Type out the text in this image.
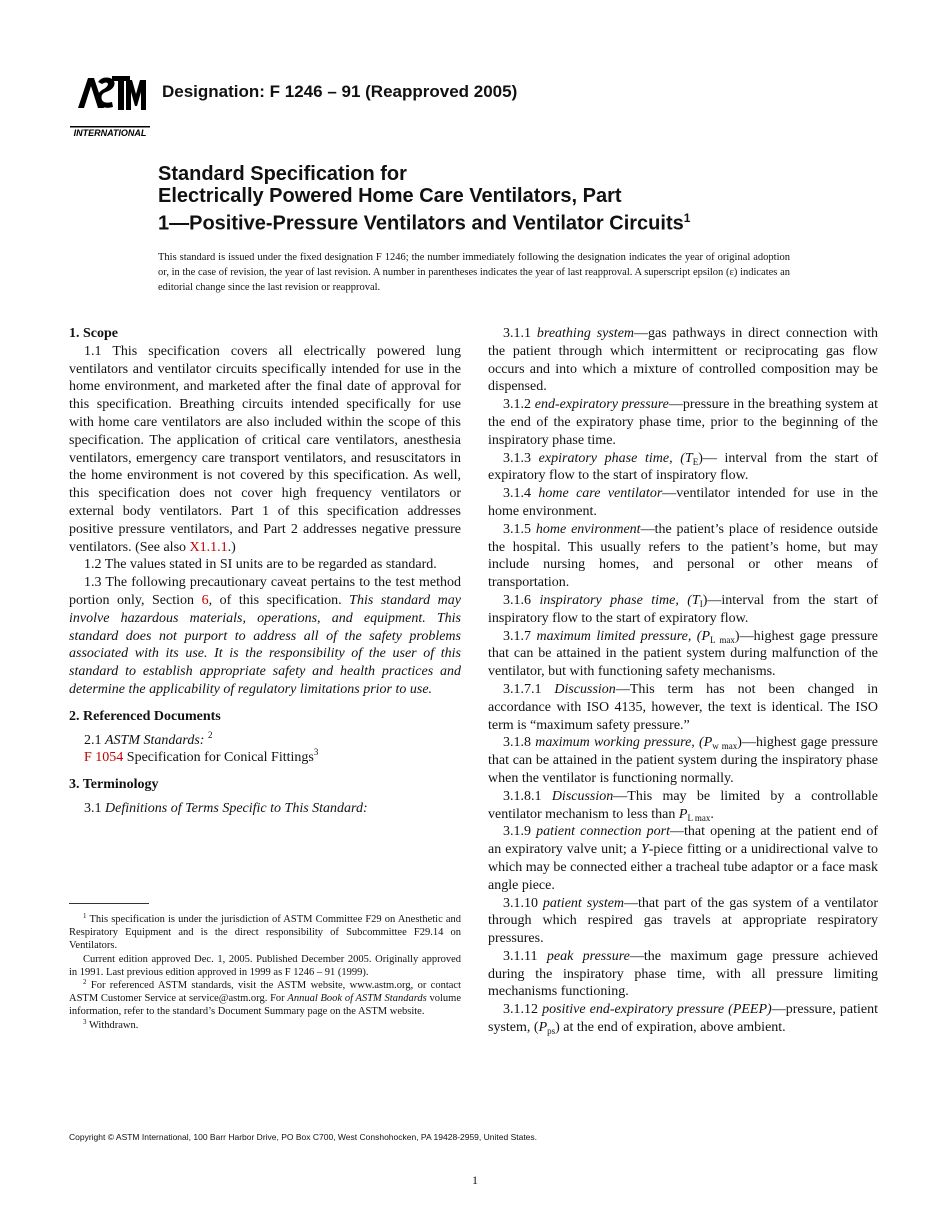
INTERNATIONAL
Designation: F 1246 – 91 (Reapproved 2005)
Standard Specification for
Electrically Powered Home Care Ventilators, Part
1—Positive-Pressure Ventilators and Ventilator Circuits$^1$
This standard is issued under the fixed designation F 1246; the number immediately following the designation indicates the year of original adoption or, in the case of revision, the year of last revision. A number in parentheses indicates the year of last reapproval. A superscript epsilon (ε) indicates an editorial change since the last revision or reapproval.
1. Scope

1.1 This specification covers all electrically powered lung ventilators and ventilator circuits specifically intended for use in the home environment, and marketed after the final date of approval for this specification. Breathing circuits intended specifically for use with home care ventilators are also included within the scope of this specification. The application of critical care ventilators, anesthesia ventilators, emergency care transport ventilators, and resuscitators in the home environment is not covered by this specification. As well, this specification does not cover high frequency ventilators or external body ventilators. Part 1 of this specification addresses positive pressure ventilators, and Part 2 addresses negative pressure ventilators. (See also X1.1.1.)

1.2 The values stated in SI units are to be regarded as standard.

1.3 The following precautionary caveat pertains to the test method portion only, Section 6, of this specification. This standard may involve hazardous materials, operations, and equipment. This standard does not purport to address all of the safety problems associated with its use. It is the responsibility of the user of this standard to establish appropriate safety and health practices and determine the applicability of regulatory limitations prior to use.

2. Referenced Documents

2.1 ASTM Standards: $^2$

F 1054 Specification for Conical Fittings$^3$

3. Terminology

3.1 Definitions of Terms Specific to This Standard:

$^1$ This specification is under the jurisdiction of ASTM Committee F29 on Anesthetic and Respiratory Equipment and is the direct responsibility of Subcommittee F29.14 on Ventilators.

Current edition approved Dec. 1, 2005. Published December 2005. Originally approved in 1991. Last previous edition approved in 1999 as F 1246 – 91 (1999).

$^2$ For referenced ASTM standards, visit the ASTM website, www.astm.org, or contact ASTM Customer Service at service@astm.org. For Annual Book of ASTM Standards volume information, refer to the standard’s Document Summary page on the ASTM website.

$^3$ Withdrawn.

3.1.1 breathing system—gas pathways in direct connection with the patient through which intermittent or reciprocating gas flow occurs and into which a mixture of controlled composition may be dispensed.

3.1.2 end-expiratory pressure—pressure in the breathing system at the end of the expiratory phase time, prior to the beginning of the inspiratory phase time.

3.1.3 expiratory phase time, $(T_E)—$ interval from the start of expiratory flow to the start of inspiratory flow.

3.1.4 home care ventilator—ventilator intended for use in the home environment.

3.1.5 home environment—the patient’s place of residence outside the hospital. This usually refers to the patient’s home, but may include nursing homes, and personal or other means of transportation.

3.1.6 inspiratory phase time, $(T_I)—interval$ from the start of inspiratory flow to the start of expiratory flow.

3.1.7 maximum limited pressure, $(P_{L max})—highest$ gage pressure that can be attained in the patient system during malfunction of the ventilator, but with functioning safety mechanisms.

3.1.7.1 Discussion—This term has not been changed in accordance with ISO 4135, however, the text is identical. The ISO term is “maximum safety pressure.”

3.1.8 maximum working pressure, $(P_{w max})—highest$ gage pressure that can be attained in the patient system during the inspiratory phase when the ventilator is functioning normally.

3.1.8.1 Discussion—This may be limited by a controllable ventilator mechanism to less than $P_{L max}$.

3.1.9 patient connection port—that opening at the patient end of an expiratory valve unit; a Y-piece fitting or a unidirectional valve to which may be connected either a tracheal tube adaptor or a face mask angle piece.

3.1.10 patient system—that part of the gas system of a ventilator through which respired gas travels at appropriate respiratory pressures.

3.1.11 peak pressure—the maximum gage pressure achieved during the inspiratory phase time, with all pressure limiting mechanisms functioning.

3.1.12 positive end-expiratory pressure (PEEP)—pressure, patient system, $(P_{ps})$ at the end of expiration, above ambient.

Copyright © ASTM International, 100 Barr Harbor Drive, PO Box C700, West Conshohocken, PA 19428-2959, United States.
1
